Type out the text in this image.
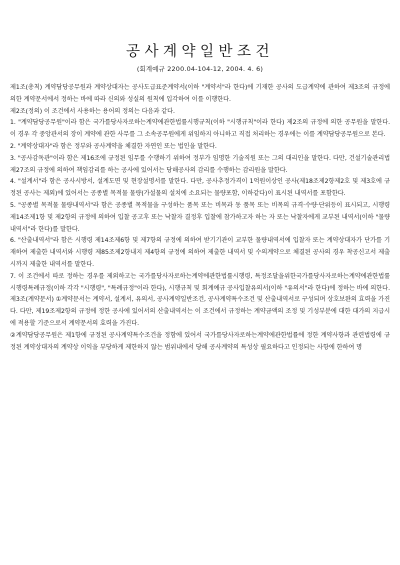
공사계약일반조건
(회계예규 2200.04-104-12, 2004. 4. 6)

제1조(총칙) 계약담당공무원과 계약상대자는 공사도급표준계약서(이하 "계약서"라 한다)에 기재한 공사의 도급계약에 관하여 제3조의 규정에 의한 계약문서에서 정하는 바에 따라 신의와 성실의 원칙에 입각하여 이를 이행한다.

제2조(정의) 이 조건에서 사용하는 용어의 정의는 다음과 같다.

1. "계약담당공무원"이라 함은 국가를당사자로하는계약에관한법률시행규칙(이하 "시행규칙"이라 한다) 제2조의 규정에 의한 공무원을 말한다. 이 경우 각 중앙관서의 장이 계약에 관한 사무를 그 소속공무원에게 위임하지 아니하고 직접 처리하는 경우에는 이를 계약담당공무원으로 본다.

2. "계약상대자"라 함은 정부와 공사계약을 체결한 자연인 또는 법인을 말한다.

3. "공사감독관"이라 함은 제16조에 규정된 임무를 수행하기 위하여 정부가 임명한 기술직원 또는 그의 대리인을 말한다. 다만, 건설기술관리법 제27조의 규정에 의하여 책임감리를 하는 공사에 있어서는 당해공사의 감리를 수행하는 감리원을 말한다.

4. "설계서"라 함은 공사시방서, 설계도면 및 현장설명서를 말한다. 다만, 공사추정가격이 1억원이상인 공사(제18조제2항제2호 및 제3호에 규정된 공사는 제외)에 있어서는 공종별 목적물 물량(가설물의 설치에 소요되는 물량포함, 이하같다)이 표시된 내역서를 포함한다.

5. "공종별 목적물 물량내역서"라 함은 공종별 목적물을 구성하는 품목 또는 비목과 동 품목 또는 비목의 규격·수량·단위등이 표시되고, 시행령 제14조제1항 및 제2항의 규정에 의하여 입찰 공고후 또는 낙찰자 결정후 입찰에 참가하고자 하는 자 또는 낙찰자에게 교부된 내역서(이하 "물량내역서"라 한다)를 말한다.

6. "산출내역서"라 함은 시행령 제14조제6항 및 제7항의 규정에 의하여 받기기관이 교부한 물량내역서에 입찰자 또는 계약상대자가 단가를 기재하여 제출한 내역서와 시행령 제85조제2항내지 제4항의 규정에 의하여 제출한 내역서 및 수의계약으로 체결된 공사의 경우 착공신고서 제출시까지 제출한 내역서를 말한다.

7. 이 조건에서 따로 정하는 경우를 제외하고는 국가를당사자로하는계약에관한법률시행령, 특정조달을위한국가를당사자로하는계약에관한법률시행령특례규정(이하 각각 "시행령", "특례규정"이라 한다), 시행규칙 및 회계예규 공사입찰유의서(이하 "유의서"라 한다)에 정하는 바에 의한다.

제3조(계약문서) ①계약문서는 계약서, 설계서, 유의서, 공사계약일반조건, 공사계약특수조건 및 산출내역서로 구성되며 상호보완의 효력을 가진다. 다만, 제19조제2항의 규정에 정한 공사에 있어서의 산출내역서는 이 조건에서 규정하는 계약금액의 조정 및 기성부분에 대한 대가의 지급시에 적용할 기준으로서 계약문서의 효력을 가진다.

②계약담당공무원은 제1항에 규정된 공사계약특수조건을 정함에 있어서 국가를당사자로하는계약에관한법률에 정한 계약사항과 관련법령에 규정된 계약상대자의 계약상 이익을 부당하게 제한하지 않는 범위내에서 당해 공사계약의 특성상 필요하다고 인정되는 사항에 한하여 명
